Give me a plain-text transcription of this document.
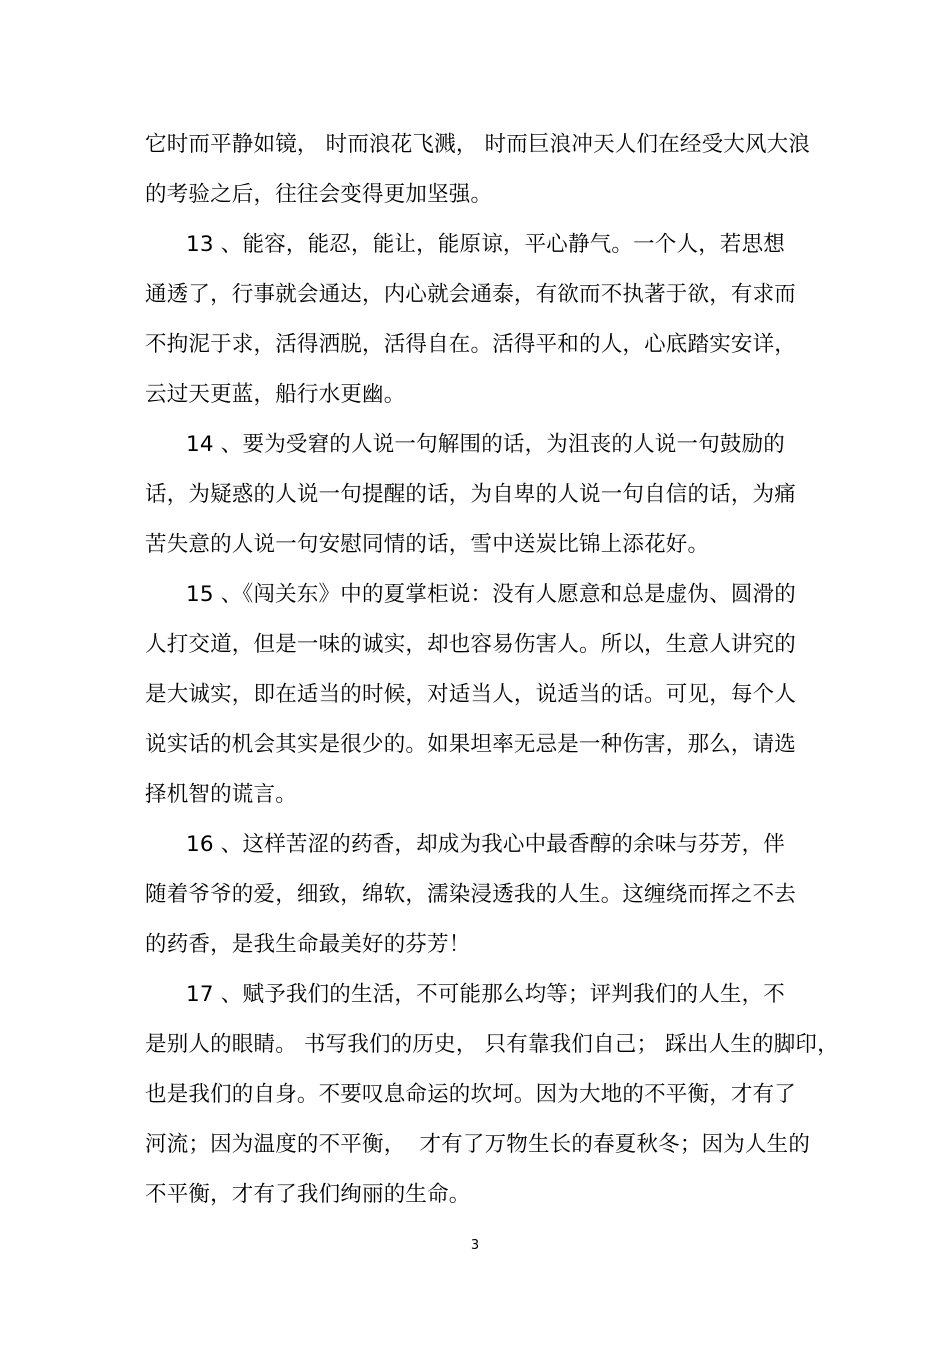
它时而平静如镜， 时而浪花飞溅， 时而巨浪冲天人们在经受大风大浪
的考验之后，往往会变得更加坚强。
13 、能容，能忍，能让，能原谅，平心静气。一个人，若思想
通透了，行事就会通达，内心就会通泰，有欲而不执著于欲，有求而
不拘泥于求，活得洒脱，活得自在。活得平和的人，心底踏实安详，
云过天更蓝，船行水更幽。
14 、要为受窘的人说一句解围的话，为沮丧的人说一句鼓励的
话，为疑惑的人说一句提醒的话，为自卑的人说一句自信的话，为痛
苦失意的人说一句安慰同情的话，雪中送炭比锦上添花好。
15 、《闯关东》中的夏掌柜说：没有人愿意和总是虚伪、圆滑的
人打交道，但是一味的诚实，却也容易伤害人。所以，生意人讲究的
是大诚实，即在适当的时候，对适当人，说适当的话。可见，每个人
说实话的机会其实是很少的。如果坦率无忌是一种伤害，那么，请选
择机智的谎言。
16 、这样苦涩的药香，却成为我心中最香醇的余味与芬芳，伴
随着爷爷的爱，细致，绵软，濡染浸透我的人生。这缠绕而挥之不去
的药香，是我生命最美好的芬芳！
17 、赋予我们的生活，不可能那么均等；评判我们的人生，不
是别人的眼睛。 书写我们的历史， 只有靠我们自己； 踩出人生的脚印，
也是我们的自身。不要叹息命运的坎坷。因为大地的不平衡，才有了
河流；因为温度的不平衡，  才有了万物生长的春夏秋冬；因为人生的
不平衡，才有了我们绚丽的生命。
3
